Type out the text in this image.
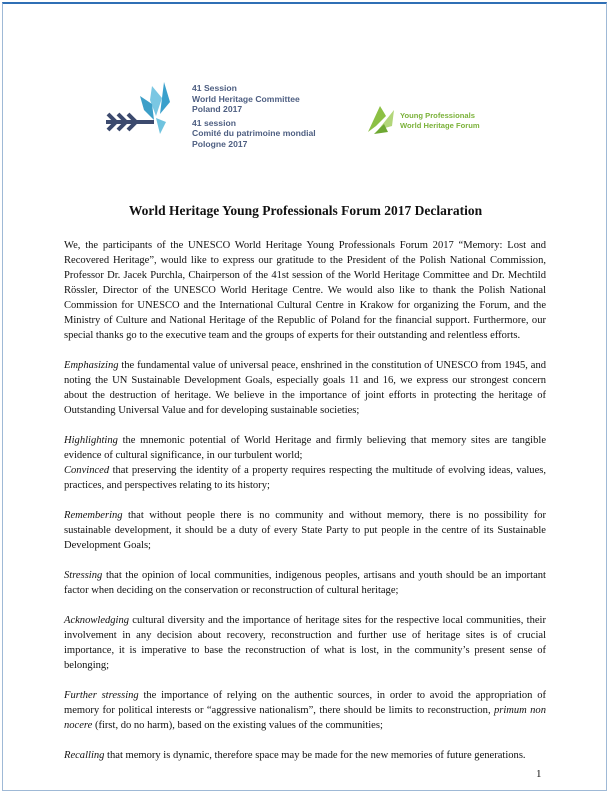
41 Session
World Heritage Committee
Poland 2017
41 session
Comité du patrimoine mondial
Pologne 2017
Young Professionals
World Heritage Forum
World Heritage Young Professionals Forum 2017 Declaration

We, the participants of the UNESCO World Heritage Young Professionals Forum 2017 “Memory: Lost and Recovered Heritage”, would like to express our gratitude to the President of the Polish National Commission, Professor Dr. Jacek Purchla, Chairperson of the 41st session of the World Heritage Committee and Dr. Mechtild Rössler, Director of the UNESCO World Heritage Centre. We would also like to thank the Polish National Commission for UNESCO and the International Cultural Centre in Krakow for organizing the Forum, and the Ministry of Culture and National Heritage of the Republic of Poland for the financial support. Furthermore, our special thanks go to the executive team and the groups of experts for their outstanding and relentless efforts.

Emphasizing the fundamental value of universal peace, enshrined in the constitution of UNESCO from 1945, and noting the UN Sustainable Development Goals, especially goals 11 and 16, we express our strongest concern about the destruction of heritage. We believe in the importance of joint efforts in protecting the heritage of Outstanding Universal Value and for developing sustainable societies;

Highlighting the mnemonic potential of World Heritage and firmly believing that memory sites are tangible evidence of cultural significance, in our turbulent world;

Convinced that preserving the identity of a property requires respecting the multitude of evolving ideas, values, practices, and perspectives relating to its history;

Remembering that without people there is no community and without memory, there is no possibility for sustainable development, it should be a duty of every State Party to put people in the centre of its Sustainable Development Goals;

Stressing that the opinion of local communities, indigenous peoples, artisans and youth should be an important factor when deciding on the conservation or reconstruction of cultural heritage;

Acknowledging cultural diversity and the importance of heritage sites for the respective local communities, their involvement in any decision about recovery, reconstruction and further use of heritage sites is of crucial importance, it is imperative to base the reconstruction of what is lost, in the community’s present sense of belonging;

Further stressing the importance of relying on the authentic sources, in order to avoid the appropriation of memory for political interests or “aggressive nationalism”, there should be limits to reconstruction, primum non nocere (first, do no harm), based on the existing values of the communities;

Recalling that memory is dynamic, therefore space may be made for the new memories of future generations.

1
